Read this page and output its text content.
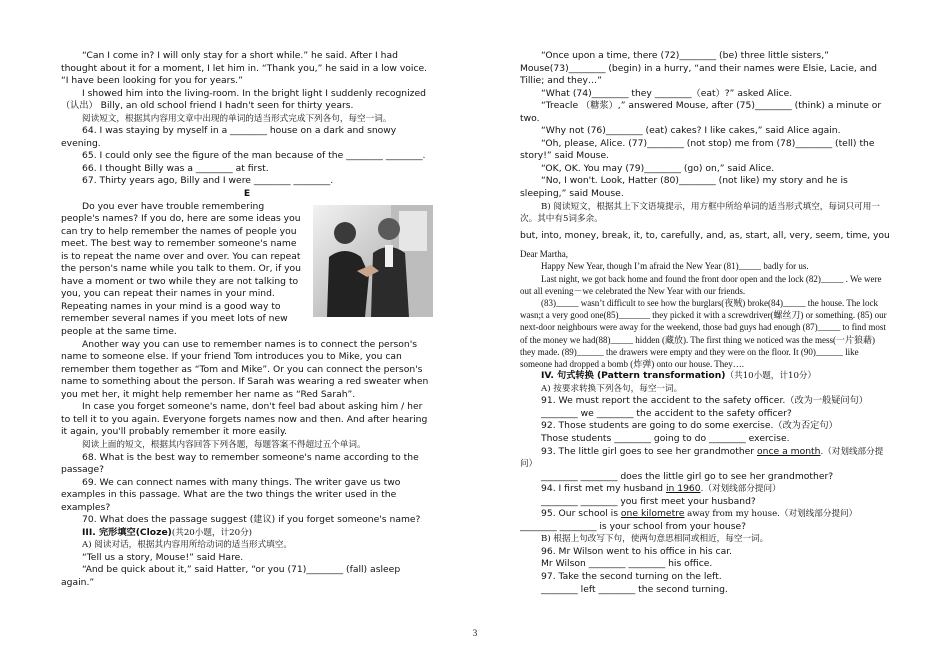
“Can I come in? I will only stay for a short while.” he said. After I had thought about it for a moment, I let him in. “Thank you,” he said in a low voice. “I have been looking for you for years.”

I showed him into the living-room. In the bright light I suddenly recognized（认出） Billy, an old school friend I hadn't seen for thirty years.

阅读短文，根据其内容用文章中出现的单词的适当形式完成下列各句，每空一词。

64. I was staying by myself in a ________ house on a dark and snowy evening.

65. I could only see the figure of the man because of the ________ ________.

66. I thought Billy was a ________ at first.

67. Thirty years ago, Billy and I were ________ ________.

E

Do you ever have trouble remembering people's names? If you do, here are some ideas you can try to help remember the names of people you meet. The best way to remember someone's name is to repeat the name over and over. You can repeat the person's name while you talk to them. Or, if you have a moment or two while they are not talking to you, you can repeat their names in your mind. Repeating names in your mind is a good way to remember several names if you meet lots of new people at the same time.

Another way you can use to remember names is to connect the person's name to someone else. If your friend Tom introduces you to Mike, you can remember them together as “Tom and Mike”. Or you can connect the person's name to something about the person. If Sarah was wearing a red sweater when you met her, it might help remember her name as “Red Sarah”.

In case you forget someone's name, don't feel bad about asking him / her to tell it to you again. Everyone forgets names now and then. And after hearing it again, you'll probably remember it more easily.

阅读上面的短文，根据其内容回答下列各题，每题答案不得超过五个单词。

68. What is the best way to remember someone's name according to the passage?

69. We can connect names with many things. The writer gave us two examples in this passage. What are the two things the writer used in the examples?

70. What does the passage suggest (建议) if you forget someone's name?

III. 完形填空(Cloze)(共20小题，计20分)

A) 阅读对话，根据其内容用所给动词的适当形式填空。

“Tell us a story, Mouse!” said Hare.

“And be quick about it,” said Hatter, “or you (71)________ (fall) asleep again.”

“Once upon a time, there (72)________ (be) three little sisters,” Mouse(73)________ (begin) in a hurry, “and their names were Elsie, Lacie, and Tillie; and they…”

“What (74)________ they ________（eat）?” asked Alice.

“Treacle （糖浆）,” answered Mouse, after (75)________ (think) a minute or two.

“Why not (76)________ (eat) cakes? I like cakes,” said Alice again.

“Oh, please, Alice. (77)________ (not stop) me from (78)________ (tell) the story!” said Mouse.

“OK, OK. You may (79)________ (go) on,” said Alice.

“No, I won't. Look, Hatter (80)________ (not like) my story and he is sleeping,” said Mouse.

B) 阅读短文，根据其上下文语境提示，用方框中所给单词的适当形式填空，每词只可用一次。其中有5词多余。

but, into, money, break, it, to, carefully, and, as, start, all, very, seem, time, you

Dear Martha,

Happy New Year, though I’m afraid the New Year (81)_____ badly for us.

Last night, we got back home and found the front door open and the lock (82)_____ . We were out all evening－we celebrated the New Year with our friends.

(83)_____ wasn’t difficult to see how the burglars(夜贼) broke(84)_____ the house. The lock wasn;t a very good one(85)_______ they picked it with a screwdriver(螺丝刀) or something. (85) our next-door neighbours were away for the weekend, those bad guys had enough (87)_____ to find most of the money we had(88)_____ hidden (藏放). The first thing we noticed was the mess(一片狼藉) they made. (89)______ the drawers were empty and they were on the floor. It (90)______ like someone had dropped a bomb (炸弹) onto our house. They….

IV. 句式转换 (Pattern transformation)（共10小题，计10分）

A) 按要求转换下列各句，每空一词。

91. We must report the accident to the safety officer.（改为一般疑问句）

________ we ________ the accident to the safety officer?

92. Those students are going to do some exercise.（改为否定句）

Those students ________ going to do ________ exercise.

93. The little girl goes to see her grandmother once a month.（对划线部分提问）

________ ________ does the little girl go to see her grandmother?

94. I first met my husband in 1960.（对划线部分提问）

________ ________ you first meet your husband?

95. Our school is one kilometre away from my house.（对划线部分提问）

________ ________ is your school from your house?

B) 根据上句改写下句，使两句意思相同或相近，每空一词。

96. Mr Wilson went to his office in his car.

Mr Wilson ________ ________ his office.

97. Take the second turning on the left.

________ left ________ the second turning.

3
